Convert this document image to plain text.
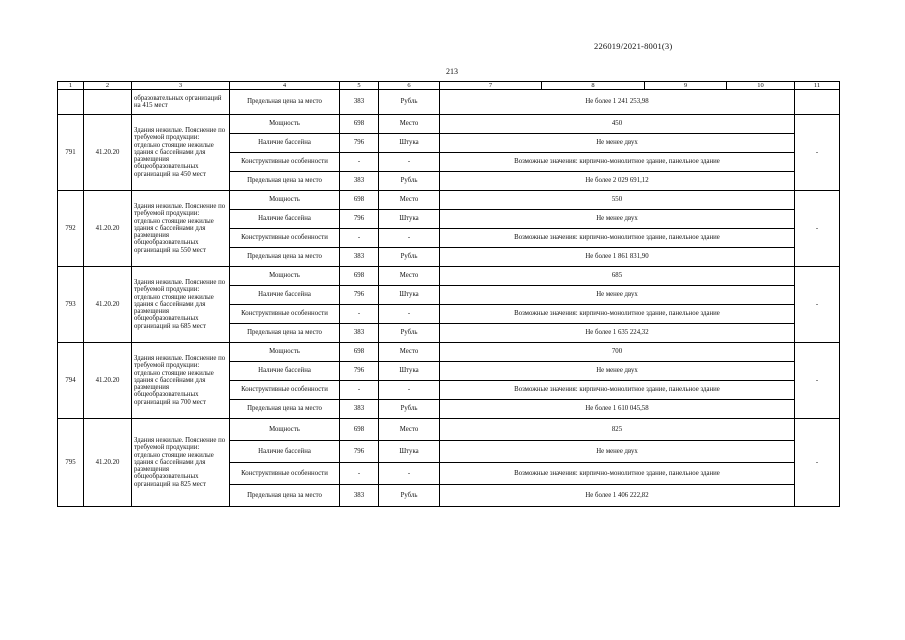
226019/2021-8001(3)
213
1	2	3	4	5	6	7	8	9	10	11
		образовательных организаций на 415 мест	Предельная цена за место	383	Рубль	Не более 1 241 253,98				
791	41.20.20	Здания нежилые. Пояснение по требуемой продукции: отдельно стоящие нежилые здания с бассейнами для размещения общеобразовательных организаций на 450 мест	Мощность	698	Место	450				-
			Наличие бассейна	796	Штука	Не менее двух				
			Конструктивные особенности	-	-	Возможные значения: кирпично-монолитное здание, панельное здание				
			Предельная цена за место	383	Рубль	Не более 2 029 691,12				
792	41.20.20	Здания нежилые. Пояснение по требуемой продукции: отдельно стоящие нежилые здания с бассейнами для размещения общеобразовательных организаций на 550 мест	Мощность	698	Место	550				-
			Наличие бассейна	796	Штука	Не менее двух				
			Конструктивные особенности	-	-	Возможные значения: кирпично-монолитное здание, панельное здание				
			Предельная цена за место	383	Рубль	Не более 1 861 831,90				
793	41.20.20	Здания нежилые. Пояснение по требуемой продукции: отдельно стоящие нежилые здания с бассейнами для размещения общеобразовательных организаций на 685 мест	Мощность	698	Место	685				-
			Наличие бассейна	796	Штука	Не менее двух				
			Конструктивные особенности	-	-	Возможные значения: кирпично-монолитное здание, панельное здание				
			Предельная цена за место	383	Рубль	Не более 1 635 224,32				
794	41.20.20	Здания нежилые. Пояснение по требуемой продукции: отдельно стоящие нежилые здания с бассейнами для размещения общеобразовательных организаций на 700 мест	Мощность	698	Место	700				-
			Наличие бассейна	796	Штука	Не менее двух				
			Конструктивные особенности	-	-	Возможные значения: кирпично-монолитное здание, панельное здание				
			Предельная цена за место	383	Рубль	Не более 1 610 045,58				
795	41.20.20	Здания нежилые. Пояснение по требуемой продукции: отдельно стоящие нежилые здания с бассейнами для размещения общеобразовательных организаций на 825 мест	Мощность	698	Место	825				-
			Наличие бассейна	796	Штука	Не менее двух				
			Конструктивные особенности	-	-	Возможные значения: кирпично-монолитное здание, панельное здание				
			Предельная цена за место	383	Рубль	Не более 1 406 222,82				
